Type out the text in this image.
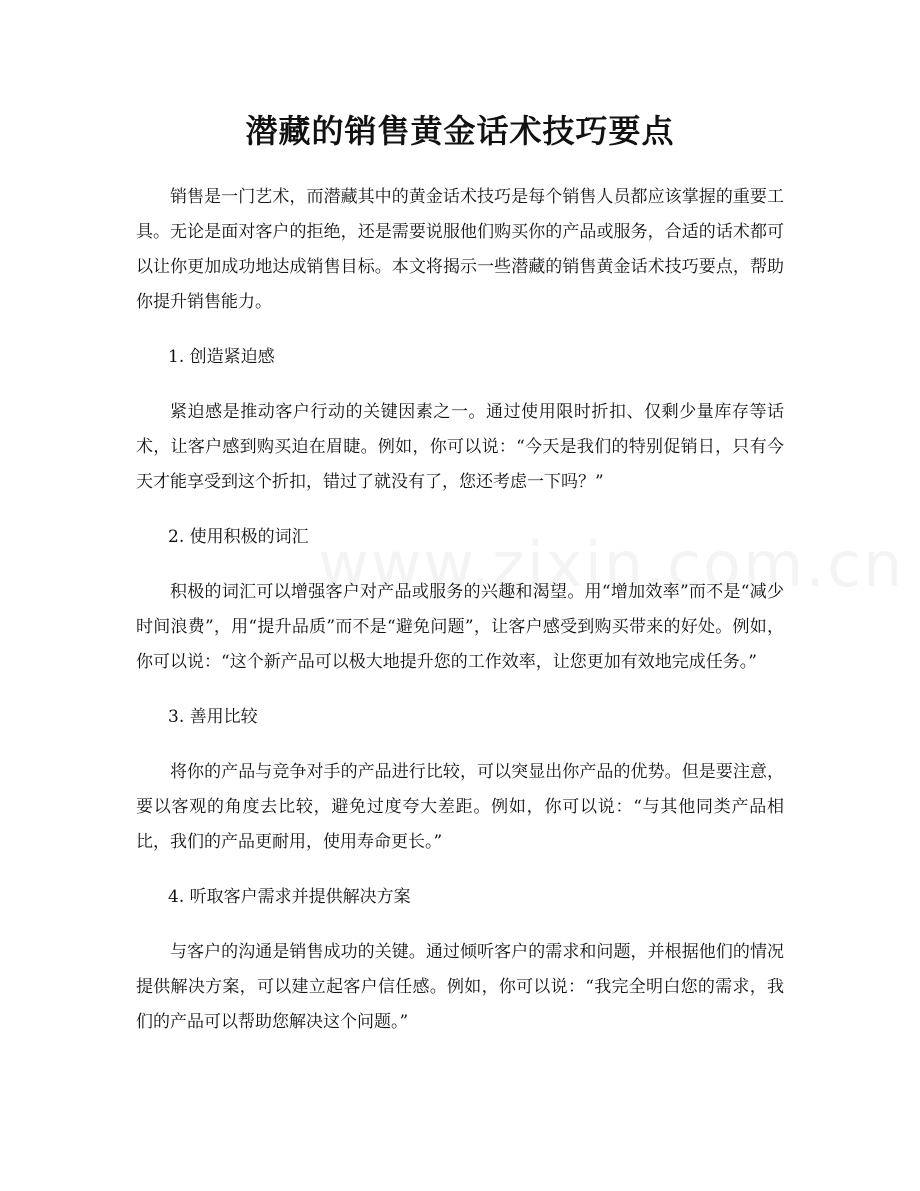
潜藏的销售黄金话术技巧要点

销售是一门艺术，而潜藏其中的黄金话术技巧是每个销售人员都应该掌握的重要工具。无论是面对客户的拒绝，还是需要说服他们购买你的产品或服务，合适的话术都可以让你更加成功地达成销售目标。本文将揭示一些潜藏的销售黄金话术技巧要点，帮助你提升销售能力。

1. 创造紧迫感

紧迫感是推动客户行动的关键因素之一。通过使用限时折扣、仅剩少量库存等话术，让客户感到购买迫在眉睫。例如，你可以说：“今天是我们的特别促销日，只有今天才能享受到这个折扣，错过了就没有了，您还考虑一下吗？”

2. 使用积极的词汇

积极的词汇可以增强客户对产品或服务的兴趣和渴望。用“增加效率”而不是“减少时间浪费”，用“提升品质”而不是“避免问题”，让客户感受到购买带来的好处。例如，你可以说：“这个新产品可以极大地提升您的工作效率，让您更加有效地完成任务。”

3. 善用比较

将你的产品与竞争对手的产品进行比较，可以突显出你产品的优势。但是要注意，要以客观的角度去比较，避免过度夸大差距。例如，你可以说：“与其他同类产品相比，我们的产品更耐用，使用寿命更长。”

4. 听取客户需求并提供解决方案

与客户的沟通是销售成功的关键。通过倾听客户的需求和问题，并根据他们的情况提供解决方案，可以建立起客户信任感。例如，你可以说：“我完全明白您的需求，我们的产品可以帮助您解决这个问题。”
